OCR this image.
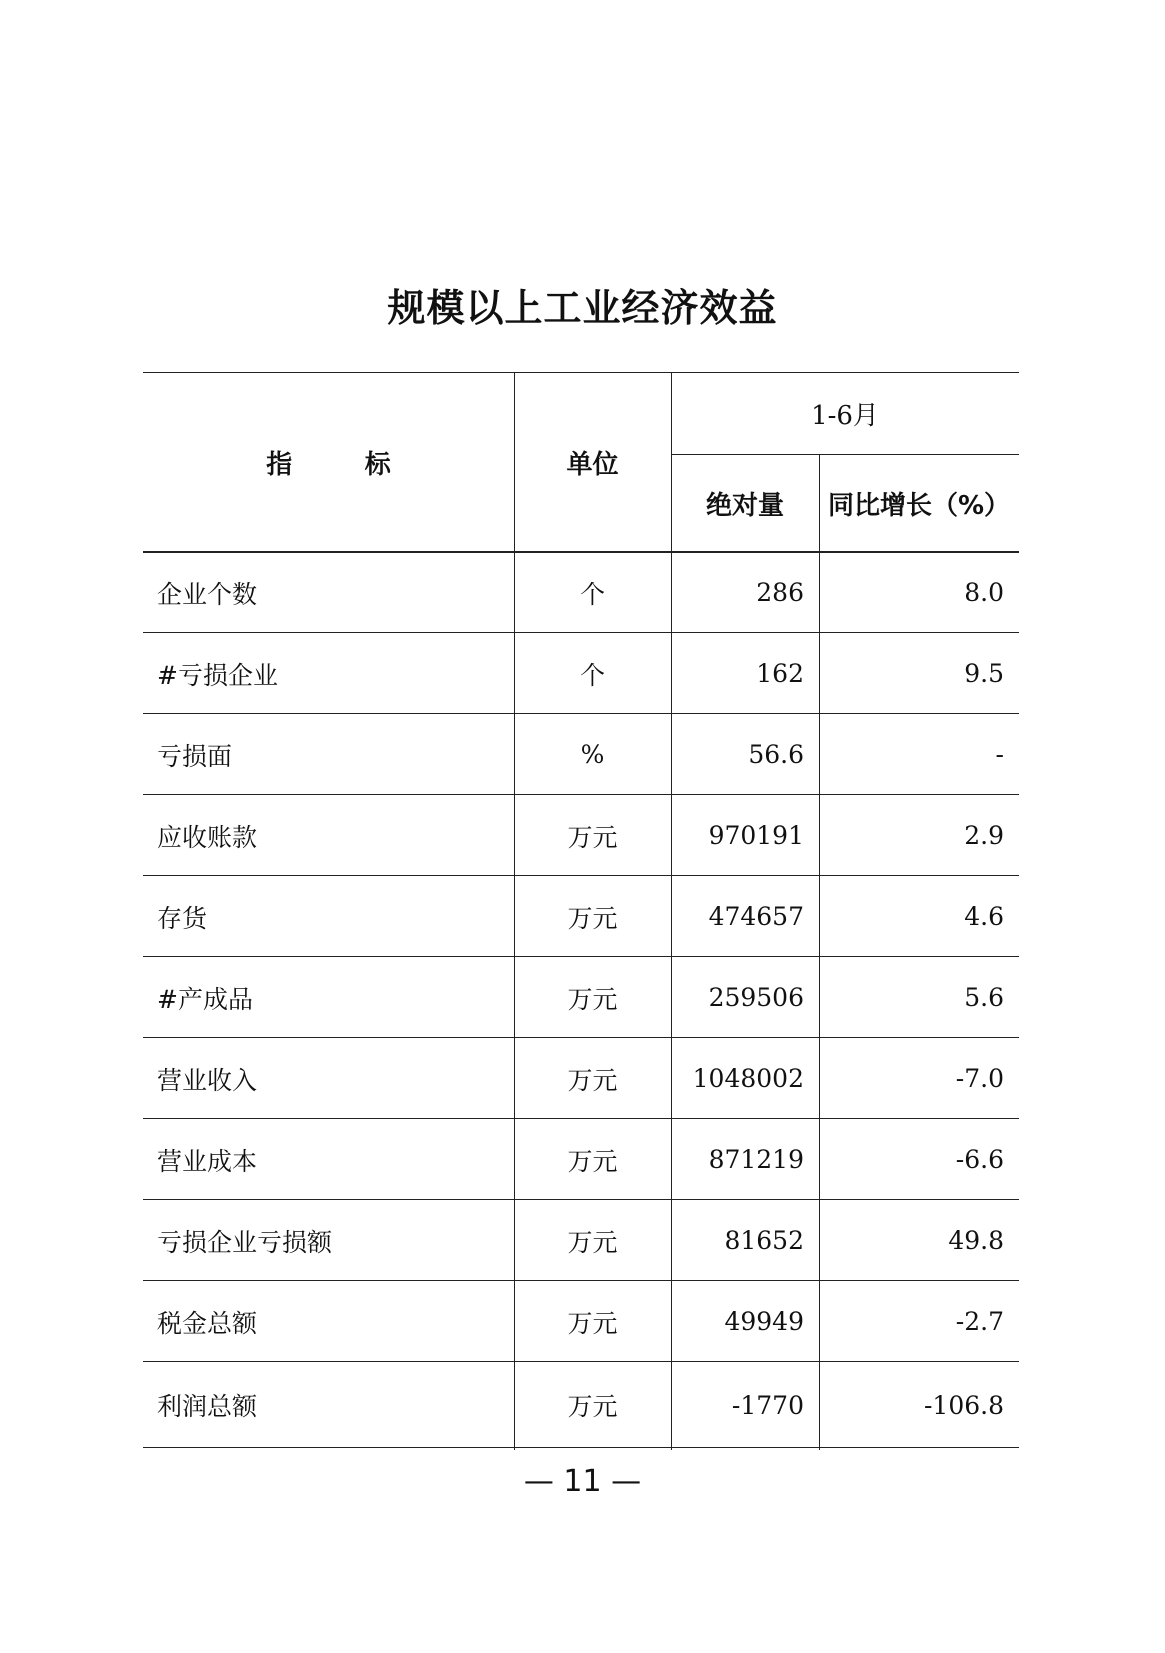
规模以上工业经济效益
指        标	单位
1-6月
绝对量	同比增长（%）
企业个数	个	286	8.0
#亏损企业	个	162	9.5
亏损面	%	56.6	-
应收账款	万元	970191	2.9
存货	万元	474657	4.6
#产成品	万元	259506	5.6
营业收入	万元	1048002	-7.0
营业成本	万元	871219	-6.6
亏损企业亏损额	万元	81652	49.8
税金总额	万元	49949	-2.7
利润总额	万元	-1770	-106.8
— 11 —
